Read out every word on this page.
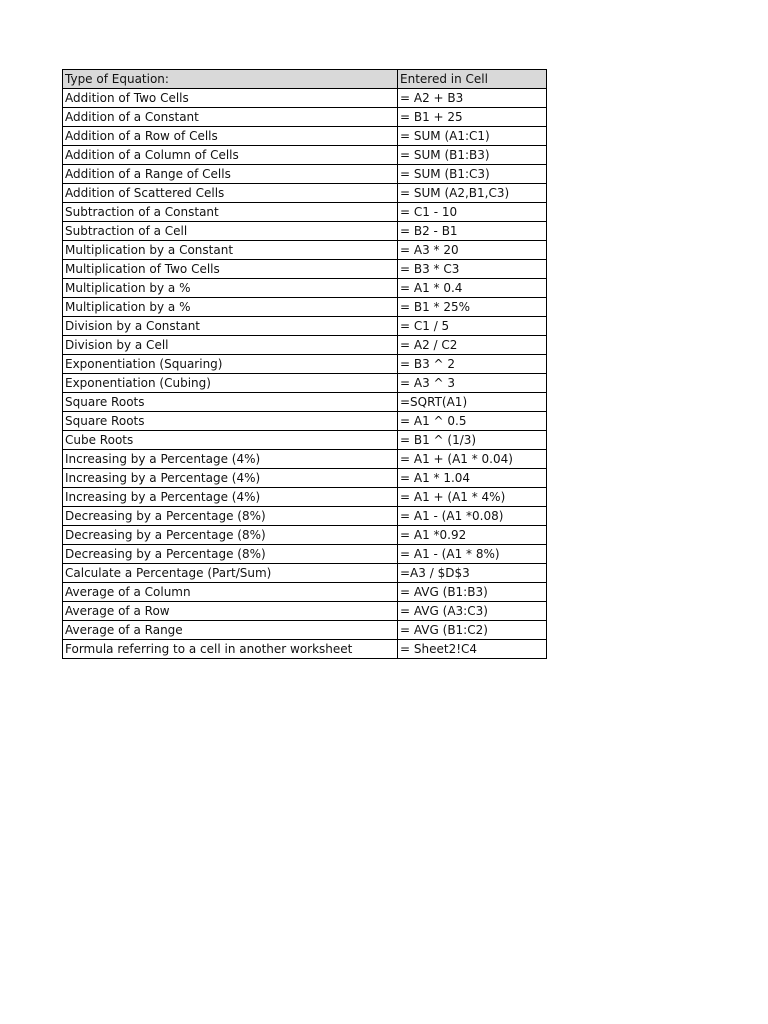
Type of Equation:	Entered in Cell
Addition of Two Cells	= A2 + B3
Addition of a Constant	= B1 + 25
Addition of a Row of Cells	= SUM (A1:C1)
Addition of a Column of Cells	= SUM (B1:B3)
Addition of a Range of Cells	= SUM (B1:C3)
Addition of Scattered Cells	= SUM (A2,B1,C3)
Subtraction of a Constant	= C1 - 10
Subtraction of a Cell	= B2 - B1
Multiplication by a Constant	= A3 * 20
Multiplication of Two Cells	= B3 * C3
Multiplication by a %	= A1 * 0.4
Multiplication by a %	= B1 * 25%
Division by a Constant	= C1 / 5
Division by a Cell	= A2 / C2
Exponentiation (Squaring)	= B3 ^ 2
Exponentiation (Cubing)	= A3 ^ 3
Square Roots	=SQRT(A1)
Square Roots	= A1 ^ 0.5
Cube Roots	= B1 ^ (1/3)
Increasing by a Percentage (4%)	= A1 + (A1 * 0.04)
Increasing by a Percentage (4%)	= A1 * 1.04
Increasing by a Percentage (4%)	= A1 + (A1 * 4%)
Decreasing by a Percentage (8%)	= A1 - (A1 *0.08)
Decreasing by a Percentage (8%)	= A1 *0.92
Decreasing by a Percentage (8%)	= A1 - (A1 * 8%)
Calculate a Percentage (Part/Sum)	=A3 / $D$3
Average of a Column	= AVG (B1:B3)
Average of a Row	= AVG (A3:C3)
Average of a Range	= AVG (B1:C2)
Formula referring to a cell in another worksheet	= Sheet2!C4
